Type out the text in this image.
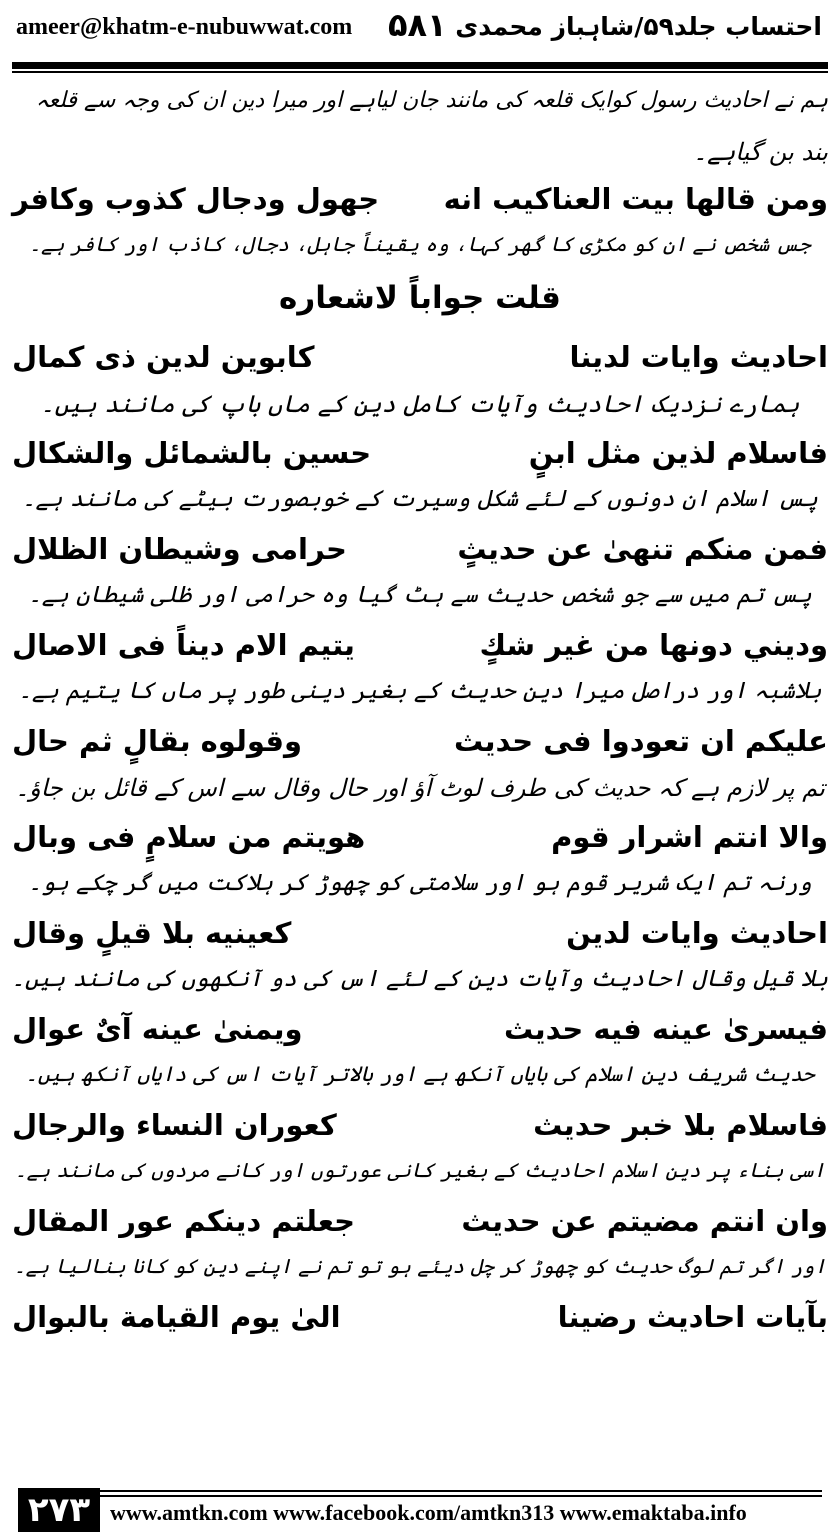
ameer@khatm-e-nubuwwat.com ۵۸۱ احتساب جلد۵۹/شاہباز محمدی
ہم نے احادیث رسول کوایک قلعہ کی مانند جان لیاہے اور میرا دین ان کی وجہ سے قلعہ
بند بن گیاہے۔
ومن قالها بيت العناكيب انه
جهول ودجال كذوب وكافر
جس شخص نے ان کو مکڑی کا گھر کہا، وہ یقیناً جاہل، دجال، کاذب اور کافر ہے۔
قلت جواباً لاشعاره
احاديث وايات لدينا
كابوين لدين ذى كمال
ہمارے نزدیک احادیث وآیات کامل دین کے ماں باپ کی مانند ہیں۔
فاسلام لذين مثل ابنٍ
حسين بالشمائل والشكال
پس اسلام ان دونوں کے لئے شکل وسیرت کے خوبصورت بیٹے کی مانند ہے۔
فمن منكم تنهىٰ عن حديثٍ
حرامى وشيطان الظلال
پس تم میں سے جو شخص حدیث سے ہٹ گیا وہ حرامی اور ظلی شیطان ہے۔
وديني دونها من غير شكٍ
يتيم الام ديناً فى الاصال
بلاشبہ اور دراصل میرا دین حدیث کے بغیر دینی طور پر ماں کا یتیم ہے۔
عليكم ان تعودوا فى حديث
وقولوه بقالٍ ثم حال
تم پر لازم ہے کہ حدیث کی طرف لوٹ آؤ اور حال وقال سے اس کے قائل بن جاؤ۔
والا انتم اشرار قوم
هويتم من سلامٍ فى وبال
ورنہ تم ایک شریر قوم ہو اور سلامتی کو چھوڑ کر ہلاکت میں گر چکے ہو۔
احاديث وايات لدين
كعينيه بلا قيلٍ وقال
بلا قیل وقال احادیث وآیات دین کے لئے اس کی دو آنکھوں کی مانند ہیں۔
فيسرىٰ عينه فيه حديث
ويمنىٰ عينه آىٌ عوال
حدیث شریف دین اسلام کی بایاں آنکھ ہے اور بالاتر آیات اس کی دایاں آنکھ ہیں۔
فاسلام بلا خبر حديث
كعوران النساء والرجال
اسی بناء پر دین اسلام احادیث کے بغیر کانی عورتوں اور کانے مردوں کی مانند ہے۔
وان انتم مضيتم عن حديث
جعلتم دينكم عور المقال
اور اگر تم لوگ حدیث کو چھوڑ کر چل دیئے ہو تو تم نے اپنے دین کو کانا بنالیا ہے۔
بآيات احاديث رضينا
الىٰ يوم القيامة بالبوال
۲۷۳ www.amtkn.com www.facebook.com/amtkn313 www.emaktaba.info
